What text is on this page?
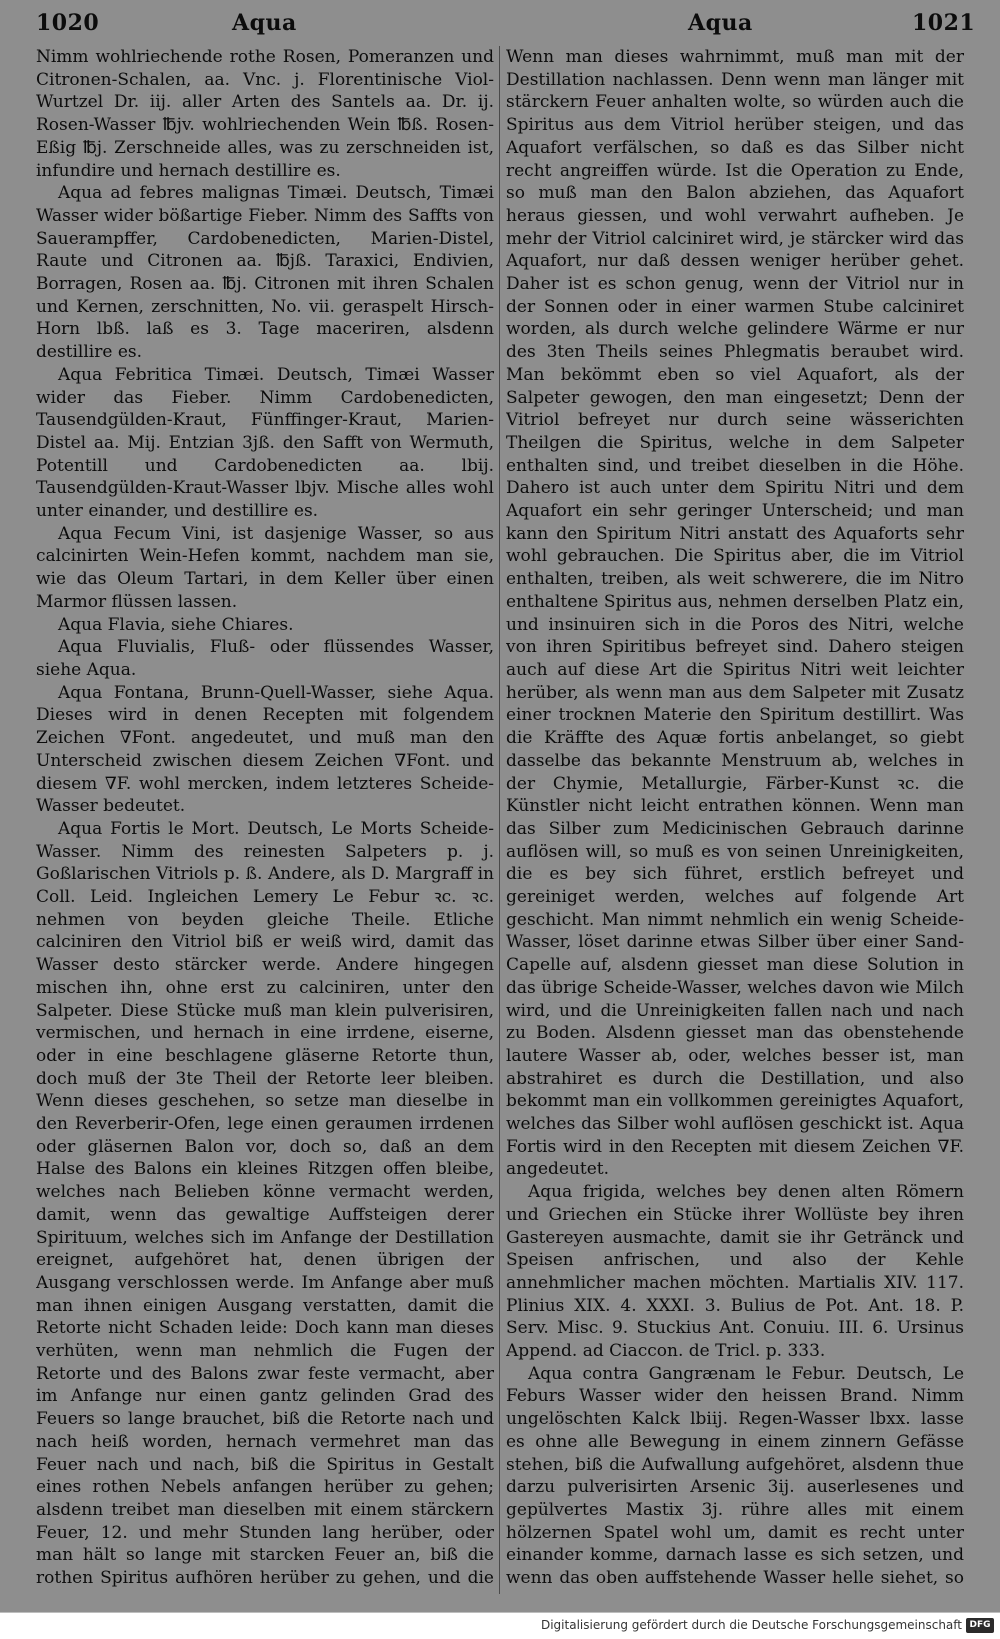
1020	Aqua	Aqua	1021

Nimm wohlriechende rothe Rosen, Pomeranzen und Citronen-Schalen, aa. Vnc. j. Florentinische Viol-Wurtzel Dr. iij. aller Arten des Santels aa. Dr. ij. Rosen-Wasser ℔jv. wohlriechenden Wein ℔ß. Rosen-Eßig ℔j. Zerschneide alles, was zu zerschneiden ist, infundire und hernach destillire es.

Aqua ad febres malignas Timæi. Deutsch, Timæi Wasser wider bößartige Fieber. Nimm des Saffts von Sauerampffer, Cardobenedicten, Marien-Distel, Raute und Citronen aa. ℔jß. Taraxici, Endivien, Borragen, Rosen aa. ℔j. Citronen mit ihren Schalen und Kernen, zerschnitten, No. vii. geraspelt Hirsch-Horn lbß. laß es 3. Tage maceriren, alsdenn destillire es.

Aqua Febritica Timæi. Deutsch, Timæi Wasser wider das Fieber. Nimm Cardobenedicten, Tausendgülden-Kraut, Fünffinger-Kraut, Marien-Distel aa. Mij. Entzian 3jß. den Safft von Wermuth, Potentill und Cardobenedicten aa. lbij. Tausendgülden-Kraut-Wasser lbjv. Mische alles wohl unter einander, und destillire es.

Aqua Fecum Vini, ist dasjenige Wasser, so aus calcinirten Wein-Hefen kommt, nachdem man sie, wie das Oleum Tartari, in dem Keller über einen Marmor flüssen lassen.

Aqua Flavia, siehe Chiares.

Aqua Fluvialis, Fluß- oder flüssendes Wasser, siehe Aqua.

Aqua Fontana, Brunn-Quell-Wasser, siehe Aqua. Dieses wird in denen Recepten mit folgendem Zeichen ∇Font. angedeutet, und muß man den Unterscheid zwischen diesem Zeichen ∇Font. und diesem ∇F. wohl mercken, indem letzteres Scheide-Wasser bedeutet.

Aqua Fortis le Mort. Deutsch, Le Morts Scheide-Wasser. Nimm des reinesten Salpeters p. j. Goßlarischen Vitriols p. ß. Andere, als D. Margraff in Coll. Leid. Ingleichen Lemery Le Febur ꝛc. ꝛc. nehmen von beyden gleiche Theile. Etliche calciniren den Vitriol biß er weiß wird, damit das Wasser desto stärcker werde. Andere hingegen mischen ihn, ohne erst zu calciniren, unter den Salpeter. Diese Stücke muß man klein pulverisiren, vermischen, und hernach in eine irrdene, eiserne, oder in eine beschlagene gläserne Retorte thun, doch muß der 3te Theil der Retorte leer bleiben. Wenn dieses geschehen, so setze man dieselbe in den Reverberir-Ofen, lege einen geraumen irrdenen oder gläsernen Balon vor, doch so, daß an dem Halse des Balons ein kleines Ritzgen offen bleibe, welches nach Belieben könne vermacht werden, damit, wenn das gewaltige Auffsteigen derer Spirituum, welches sich im Anfange der Destillation ereignet, aufgehöret hat, denen übrigen der Ausgang verschlossen werde. Im Anfange aber muß man ihnen einigen Ausgang verstatten, damit die Retorte nicht Schaden leide: Doch kann man dieses verhüten, wenn man nehmlich die Fugen der Retorte und des Balons zwar feste vermacht, aber im Anfange nur einen gantz gelinden Grad des Feuers so lange brauchet, biß die Retorte nach und nach heiß worden, hernach vermehret man das Feuer nach und nach, biß die Spiritus in Gestalt eines rothen Nebels anfangen herüber zu gehen; alsdenn treibet man dieselben mit einem stärckern Feuer, 12. und mehr Stunden lang herüber, oder man hält so lange mit starcken Feuer an, biß die rothen Spiritus aufhören herüber zu gehen, und die

Wenn man dieses wahrnimmt, muß man mit der Destillation nachlassen. Denn wenn man länger mit stärckern Feuer anhalten wolte, so würden auch die Spiritus aus dem Vitriol herüber steigen, und das Aquafort verfälschen, so daß es das Silber nicht recht angreiffen würde. Ist die Operation zu Ende, so muß man den Balon abziehen, das Aquafort heraus giessen, und wohl verwahrt aufheben. Je mehr der Vitriol calciniret wird, je stärcker wird das Aquafort, nur daß dessen weniger herüber gehet. Daher ist es schon genug, wenn der Vitriol nur in der Sonnen oder in einer warmen Stube calciniret worden, als durch welche gelindere Wärme er nur des 3ten Theils seines Phlegmatis beraubet wird. Man bekömmt eben so viel Aquafort, als der Salpeter gewogen, den man eingesetzt; Denn der Vitriol befreyet nur durch seine wässerichten Theilgen die Spiritus, welche in dem Salpeter enthalten sind, und treibet dieselben in die Höhe. Dahero ist auch unter dem Spiritu Nitri und dem Aquafort ein sehr geringer Unterscheid; und man kann den Spiritum Nitri anstatt des Aquaforts sehr wohl gebrauchen. Die Spiritus aber, die im Vitriol enthalten, treiben, als weit schwerere, die im Nitro enthaltene Spiritus aus, nehmen derselben Platz ein, und insinuiren sich in die Poros des Nitri, welche von ihren Spiritibus befreyet sind. Dahero steigen auch auf diese Art die Spiritus Nitri weit leichter herüber, als wenn man aus dem Salpeter mit Zusatz einer trocknen Materie den Spiritum destillirt. Was die Kräffte des Aquæ fortis anbelanget, so giebt dasselbe das bekannte Menstruum ab, welches in der Chymie, Metallurgie, Färber-Kunst ꝛc. die Künstler nicht leicht entrathen können. Wenn man das Silber zum Medicinischen Gebrauch darinne auflösen will, so muß es von seinen Unreinigkeiten, die es bey sich führet, erstlich befreyet und gereiniget werden, welches auf folgende Art geschicht. Man nimmt nehmlich ein wenig Scheide-Wasser, löset darinne etwas Silber über einer Sand-Capelle auf, alsdenn giesset man diese Solution in das übrige Scheide-Wasser, welches davon wie Milch wird, und die Unreinigkeiten fallen nach und nach zu Boden. Alsdenn giesset man das obenstehende lautere Wasser ab, oder, welches besser ist, man abstrahiret es durch die Destillation, und also bekommt man ein vollkommen gereinigtes Aquafort, welches das Silber wohl auflösen geschickt ist. Aqua Fortis wird in den Recepten mit diesem Zeichen ∇F. angedeutet.

Aqua frigida, welches bey denen alten Römern und Griechen ein Stücke ihrer Wollüste bey ihren Gastereyen ausmachte, damit sie ihr Getränck und Speisen anfrischen, und also der Kehle annehmlicher machen möchten. Martialis XIV. 117. Plinius XIX. 4. XXXI. 3. Bulius de Pot. Ant. 18. P. Serv. Misc. 9. Stuckius Ant. Conuiu. III. 6. Ursinus Append. ad Ciaccon. de Tricl. p. 333.

Aqua contra Gangrænam le Febur. Deutsch, Le Feburs Wasser wider den heissen Brand. Nimm ungelöschten Kalck lbiij. Regen-Wasser lbxx. lasse es ohne alle Bewegung in einem zinnern Gefässe stehen, biß die Aufwallung aufgehöret, alsdenn thue darzu pulverisirten Arsenic 3ij. auserlesenes und gepülvertes Mastix 3j. rühre alles mit einem hölzernen Spatel wohl um, damit es recht unter einander komme, darnach lasse es sich setzen, und wenn das oben auffstehende Wasser helle siehet, so

Digitalisierung gefördert durch die Deutsche Forschungsgemeinschaft DFG
